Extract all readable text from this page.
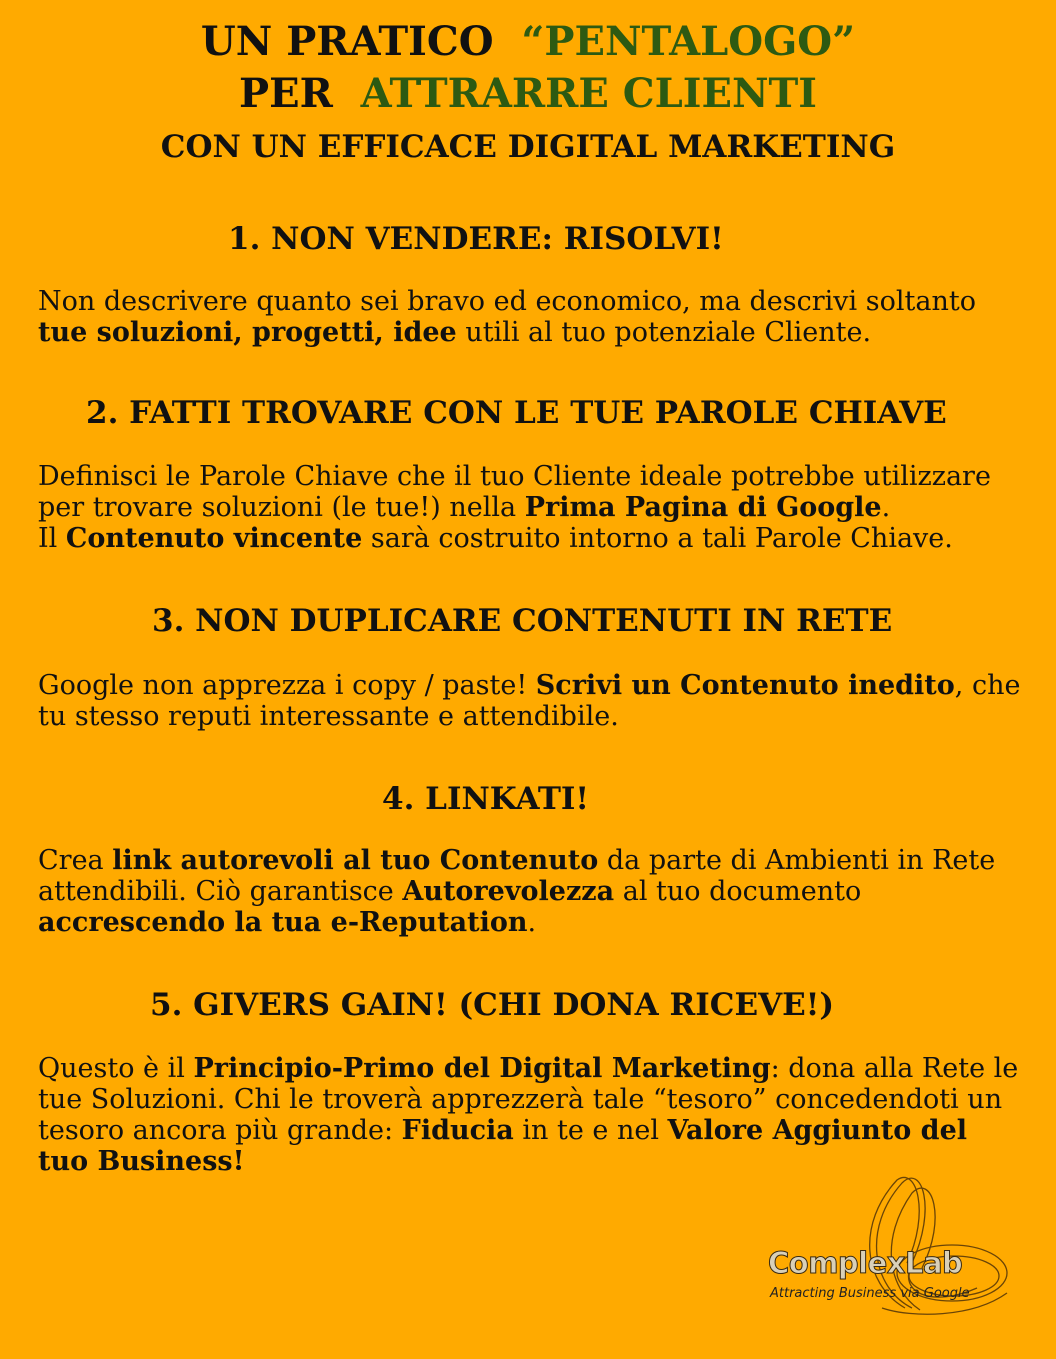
UN PRATICO “PENTALOGO”
PER ATTRARRE CLIENTI
CON UN EFFICACE DIGITAL MARKETING
1. NON VENDERE: RISOLVI!
Non descrivere quanto sei bravo ed economico, ma descrivi soltanto
tue soluzioni, progetti, idee utili al tuo potenziale Cliente.
2. FATTI TROVARE CON LE TUE PAROLE CHIAVE
Definisci le Parole Chiave che il tuo Cliente ideale potrebbe utilizzare per trovare soluzioni (le tue!) nella Prima Pagina di Google.
Il Contenuto vincente sarà costruito intorno a tali Parole Chiave.
3. NON DUPLICARE CONTENUTI IN RETE
Google non apprezza i copy / paste! Scrivi un Contenuto inedito, che tu stesso reputi interessante e attendibile.
4. LINKATI!
Crea link autorevoli al tuo Contenuto da parte di Ambienti in Rete attendibili. Ciò garantisce Autorevolezza al tuo documento accrescendo la tua e-Reputation.
5. GIVERS GAIN! (CHI DONA RICEVE!)
Questo è il Principio-Primo del Digital Marketing: dona alla Rete le tue Soluzioni. Chi le troverà apprezzerà tale “tesoro” concedendoti un tesoro ancora più grande: Fiducia in te e nel Valore Aggiunto del tuo Business!
ComplexLab
Attracting Business via Google
